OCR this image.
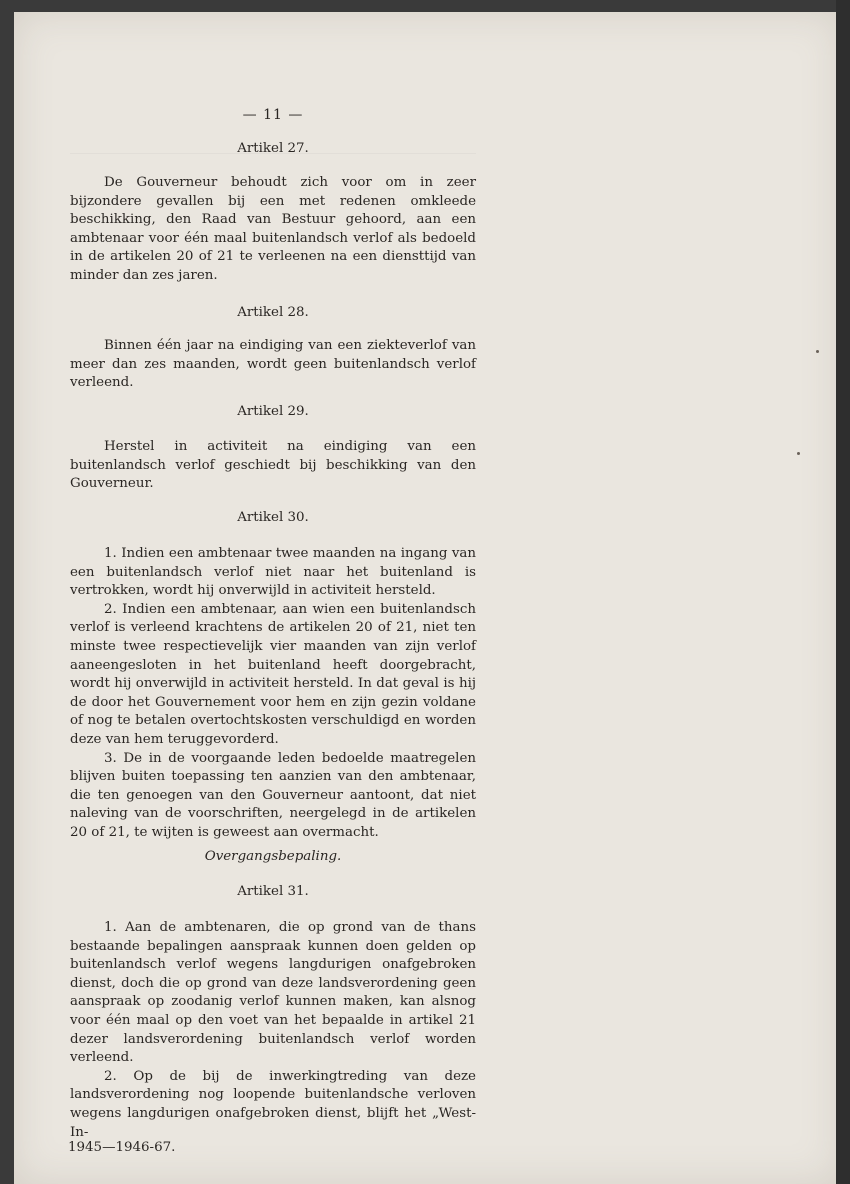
— 11 —
Artikel 27.

De Gouverneur behoudt zich voor om in zeer bijzondere gevallen bij een met redenen omkleede beschikking, den Raad van Bestuur gehoord, aan een ambtenaar voor één maal buitenlandsch verlof als bedoeld in de artikelen 20 of 21 te verleenen na een diensttijd van minder dan zes jaren.

Artikel 28.

Binnen één jaar na eindiging van een ziekteverlof van meer dan zes maanden, wordt geen buitenlandsch verlof verleend.

Artikel 29.

Herstel in activiteit na eindiging van een buitenlandsch verlof geschiedt bij beschikking van den Gouverneur.

Artikel 30.

1. Indien een ambtenaar twee maanden na ingang van een buitenlandsch verlof niet naar het buitenland is vertrokken, wordt hij onverwijld in activiteit hersteld.

2. Indien een ambtenaar, aan wien een buitenlandsch verlof is verleend krachtens de artikelen 20 of 21, niet ten minste twee respectievelijk vier maanden van zijn verlof aaneengesloten in het buitenland heeft doorgebracht, wordt hij onverwijld in activiteit hersteld. In dat geval is hij de door het Gouvernement voor hem en zijn gezin voldane of nog te betalen overtochtskosten verschuldigd en worden deze van hem teruggevorderd.

3. De in de voorgaande leden bedoelde maatregelen blijven buiten toepassing ten aanzien van den ambtenaar, die ten genoegen van den Gouverneur aantoont, dat niet naleving van de voorschriften, neergelegd in de artikelen 20 of 21, te wijten is geweest aan overmacht.

Overgangsbepaling.
Artikel 31.

1. Aan de ambtenaren, die op grond van de thans bestaande bepalingen aanspraak kunnen doen gelden op buitenlandsch verlof wegens langdurigen onafgebroken dienst, doch die op grond van deze landsverordening geen aanspraak op zoodanig verlof kunnen maken, kan alsnog voor één maal op den voet van het bepaalde in artikel 21 dezer landsverordening buitenlandsch verlof worden verleend.

2. Op de bij de inwerkingtreding van deze landsverordening nog loopende buitenlandsche verloven wegens langdurigen onafgebroken dienst, blijft het „West- In-

1945—1946-67.
